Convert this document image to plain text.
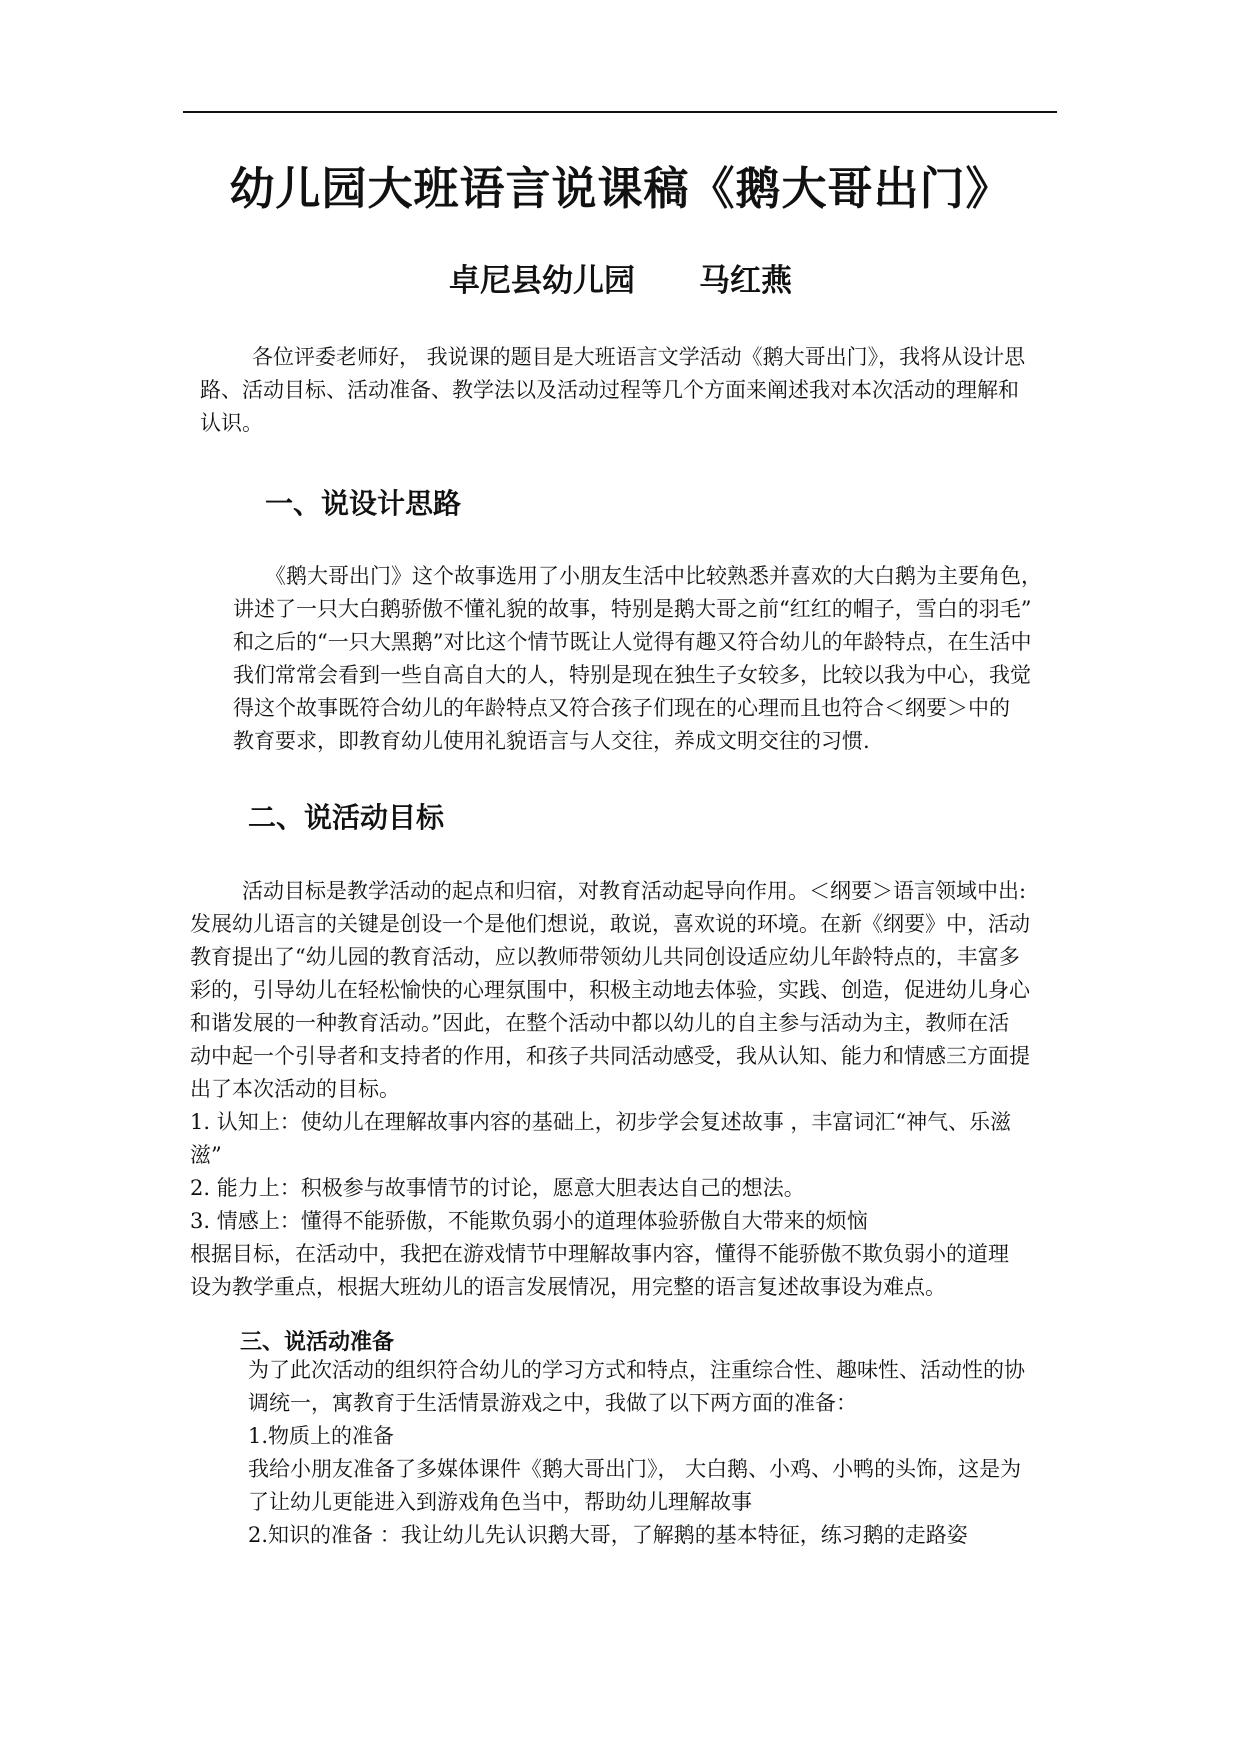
幼儿园大班语言说课稿《鹅大哥出门》
卓尼县幼儿园 马红燕
各位评委老师好， 我说课的题目是大班语言文学活动《鹅大哥出门》，我将从设计思
路、活动目标、活动准备、教学法以及活动过程等几个方面来阐述我对本次活动的理解和
认识。
一、说设计思路
《鹅大哥出门》这个故事选用了小朋友生活中比较熟悉并喜欢的大白鹅为主要角色，
讲述了一只大白鹅骄傲不懂礼貌的故事，特别是鹅大哥之前“红红的帽子，雪白的羽毛”
和之后的“一只大黑鹅”对比这个情节既让人觉得有趣又符合幼儿的年龄特点，在生活中
我们常常会看到一些自高自大的人，特别是现在独生子女较多，比较以我为中心，我觉
得这个故事既符合幼儿的年龄特点又符合孩子们现在的心理而且也符合＜纲要＞中的
教育要求，即教育幼儿使用礼貌语言与人交往，养成文明交往的习惯.
二、说活动目标
活动目标是教学活动的起点和归宿，对教育活动起导向作用。＜纲要＞语言领域中出:
发展幼儿语言的关键是创设一个是他们想说，敢说，喜欢说的环境。在新《纲要》中，活动
教育提出了“幼儿园的教育活动，应以教师带领幼儿共同创设适应幼儿年龄特点的，丰富多
彩的，引导幼儿在轻松愉快的心理氛围中，积极主动地去体验，实践、创造，促进幼儿身心
和谐发展的一种教育活动。”因此，在整个活动中都以幼儿的自主参与活动为主，教师在活
动中起一个引导者和支持者的作用，和孩子共同活动感受，我从认知、能力和情感三方面提
出了本次活动的目标。
1. 认知上：使幼儿在理解故事内容的基础上，初步学会复述故事 ，丰富词汇“神气、乐滋
滋”
2. 能力上：积极参与故事情节的讨论，愿意大胆表达自己的想法。
3. 情感上：懂得不能骄傲，不能欺负弱小的道理体验骄傲自大带来的烦恼
根据目标，在活动中，我把在游戏情节中理解故事内容，懂得不能骄傲不欺负弱小的道理
设为教学重点，根据大班幼儿的语言发展情况，用完整的语言复述故事设为难点。
三、说活动准备
为了此次活动的组织符合幼儿的学习方式和特点，注重综合性、趣味性、活动性的协
调统一，寓教育于生活情景游戏之中，我做了以下两方面的准备：
1.物质上的准备
我给小朋友准备了多媒体课件《鹅大哥出门》， 大白鹅、小鸡、小鸭的头饰，这是为
了让幼儿更能进入到游戏角色当中，帮助幼儿理解故事
2.知识的准备 ：我让幼儿先认识鹅大哥，了解鹅的基本特征，练习鹅的走路姿
